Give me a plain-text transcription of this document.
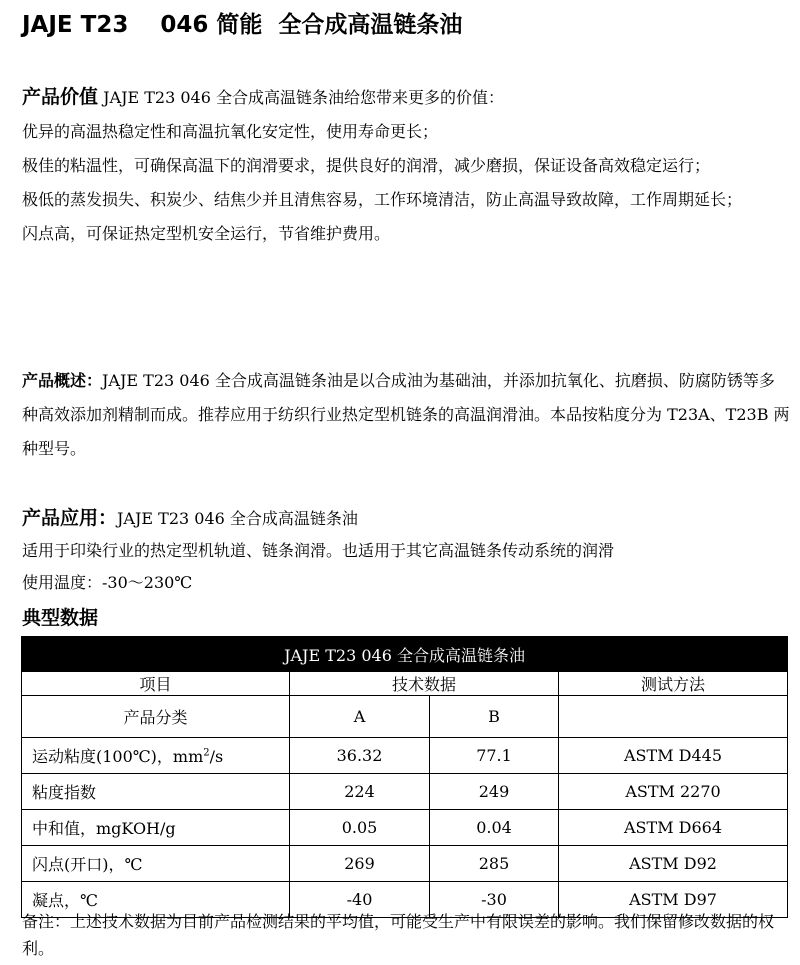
JAJE T23    046 简能  全合成高温链条油

产品价值 JAJE T23 046 全合成高温链条油给您带来更多的价值：

优异的高温热稳定性和高温抗氧化安定性，使用寿命更长；

极佳的粘温性，可确保高温下的润滑要求，提供良好的润滑，减少磨损，保证设备高效稳定运行；

极低的蒸发损失、积炭少、结焦少并且清焦容易，工作环境清洁，防止高温导致故障，工作周期延长；

闪点高，可保证热定型机安全运行，节省维护费用。

产品概述：JAJE T23 046 全合成高温链条油是以合成油为基础油，并添加抗氧化、抗磨损、防腐防锈等多种高效添加剂精制而成。推荐应用于纺织行业热定型机链条的高温润滑油。本品按粘度分为 T23A、T23B 两种型号。

产品应用：JAJE T23 046 全合成高温链条油

适用于印染行业的热定型机轨道、链条润滑。也适用于其它高温链条传动系统的润滑

使用温度：-30～230℃

典型数据

JAJE T23 046 全合成高温链条油			
项目	技术数据		测试方法
产品分类	A	B	
运动粘度(100℃)，$mm^2/s$	36.32	77.1	ASTM D445
粘度指数	224	249	ASTM 2270
中和值，mgKOH/g	0.05	0.04	ASTM D664
闪点(开口)，℃	269	285	ASTM D92
凝点，℃	-40	-30	ASTM D97

备注：上述技术数据为目前产品检测结果的平均值，可能受生产中有限误差的影响。我们保留修改数据的权利。
